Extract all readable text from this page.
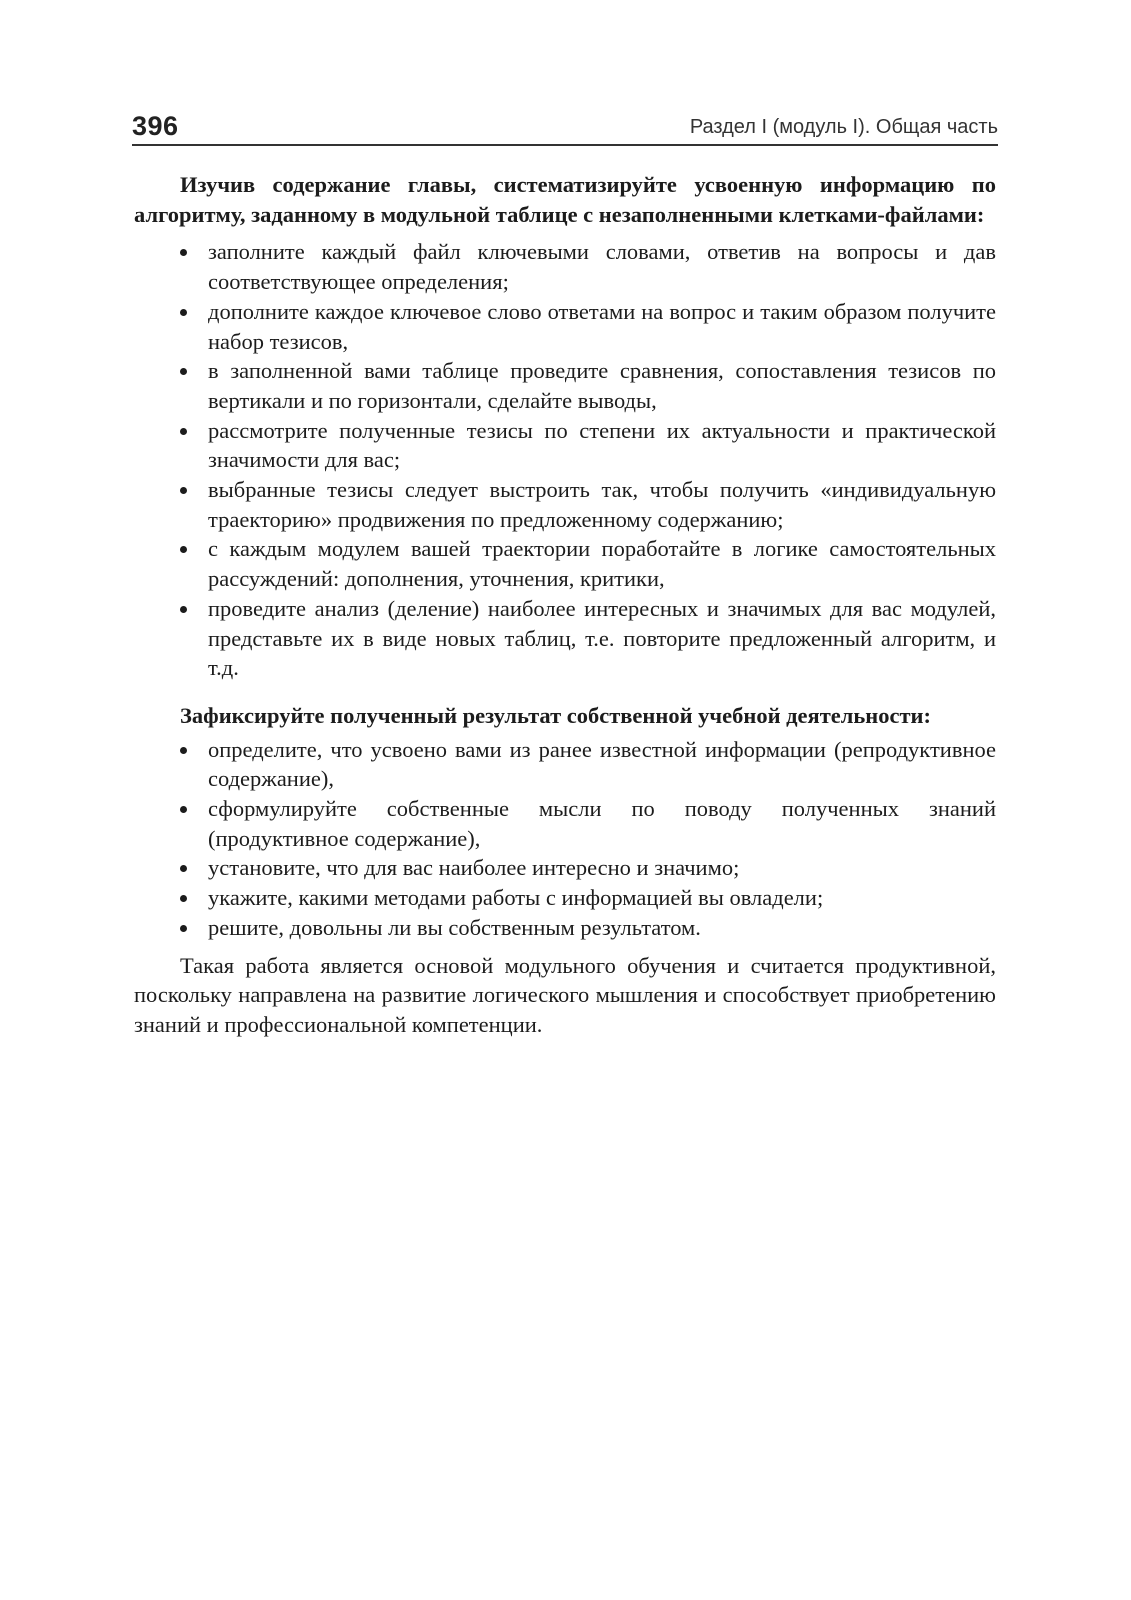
396	Раздел I (модуль I). Общая часть

Изучив содержание главы, систематизируйте усвоенную информацию по алгоритму, заданному в модульной таблице с незаполненными клетками-файлами:

заполните каждый файл ключевыми словами, ответив на вопросы и дав соответствующее определения;
дополните каждое ключевое слово ответами на вопрос и таким образом получите набор тезисов,
в заполненной вами таблице проведите сравнения, сопоставления тезисов по вертикали и по горизонтали, сделайте выводы,
рассмотрите полученные тезисы по степени их актуальности и практической значимости для вас;
выбранные тезисы следует выстроить так, чтобы получить «индивидуальную траекторию» продвижения по предложенному содержанию;
с каждым модулем вашей траектории поработайте в логике самостоятельных рассуждений: дополнения, уточнения, критики,
проведите анализ (деление) наиболее интересных и значимых для вас модулей, представьте их в виде новых таблиц, т.е. повторите предложенный алгоритм, и т.д.
Зафиксируйте полученный результат собственной учебной деятельности:
определите, что усвоено вами из ранее известной информации (репродуктивное содержание),
сформулируйте собственные мысли по поводу полученных знаний (продуктивное содержание),
установите, что для вас наиболее интересно и значимо;
укажите, какими методами работы с информацией вы овладели;
решите, довольны ли вы собственным результатом.

Такая работа является основой модульного обучения и считается продуктивной, поскольку направлена на развитие логического мышления и способствует приобретению знаний и профессиональной компетенции.
